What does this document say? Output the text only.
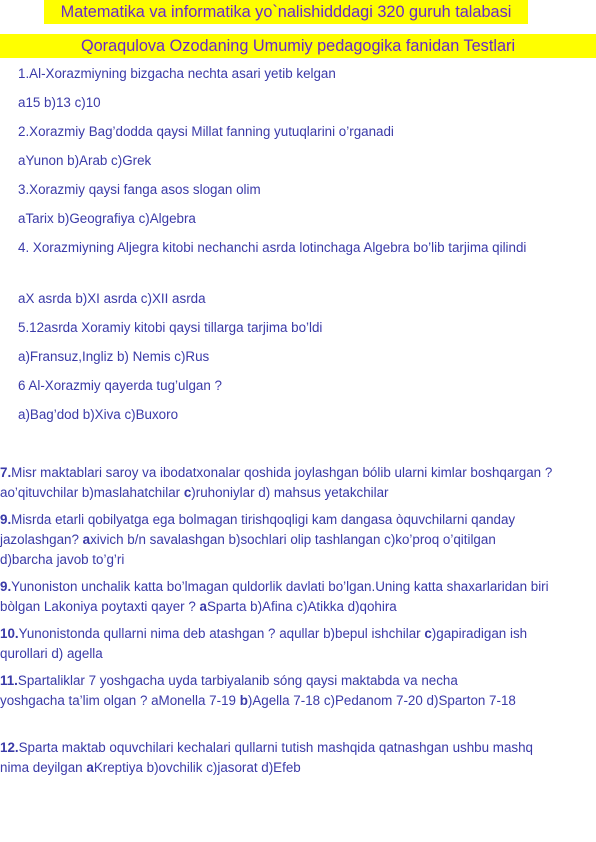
Matematika va informatika yo`nalishidddagi 320 guruh talabasi
Qoraqulova Ozodaning Umumiy pedagogika fanidan Testlari

1.Al-Xorazmiyning bizgacha nechta asari yetib kelgan

a15 b)13 c)10

2.Xorazmiy Bag’dodda qaysi Millat fanning yutuqlarini o’rganadi

aYunon b)Arab c)Grek

3.Xorazmiy qaysi fanga asos slogan olim

aTarix b)Geografiya c)Algebra

4. Xorazmiyning Aljegra kitobi nechanchi asrda lotinchaga Algebra bo’lib tarjima qilindi

aX asrda b)XI asrda c)XII asrda

5.12asrda Xoramiy kitobi qaysi tillarga tarjima bo’ldi

a)Fransuz,Ingliz b) Nemis c)Rus

6 Al-Xorazmiy qayerda tug’ulgan ?

a)Bag’dod b)Xiva c)Buxoro

7.Misr maktablari saroy va ibodatxonalar qoshida joylashgan bólib ularni kimlar boshqargan ? ao’qituvchilar b)maslahatchilar c)ruhoniylar d) mahsus yetakchilar

9.Misrda etarli qobilyatga ega bolmagan tirishqoqligi kam dangasa òquvchilarni qanday jazolashgan? axivich b/n savalashgan b)sochlari olip tashlangan c)ko’proq o’qitilgan d)barcha javob to’g’ri

9.Yunoniston unchalik katta bo’lmagan quldorlik davlati bo’lgan.Uning katta shaxarlaridan biri bòlgan Lakoniya poytaxti qayer ? aSparta b)Afina c)Atikka d)qohira

10.Yunonistonda qullarni nima deb atashgan ? aqullar b)bepul ishchilar c)gapiradigan ish qurollari d) agella

11.Spartaliklar 7 yoshgacha uyda tarbiyalanib sóng qaysi maktabda va necha yoshgacha ta’lim olgan ? aMonella 7-19 b)Agella 7-18 c)Pedanom 7-20 d)Sparton 7-18

12.Sparta maktab oquvchilari kechalari qullarni tutish mashqida qatnashgan ushbu mashq nima deyilgan aKreptiya b)ovchilik c)jasorat d)Efeb
